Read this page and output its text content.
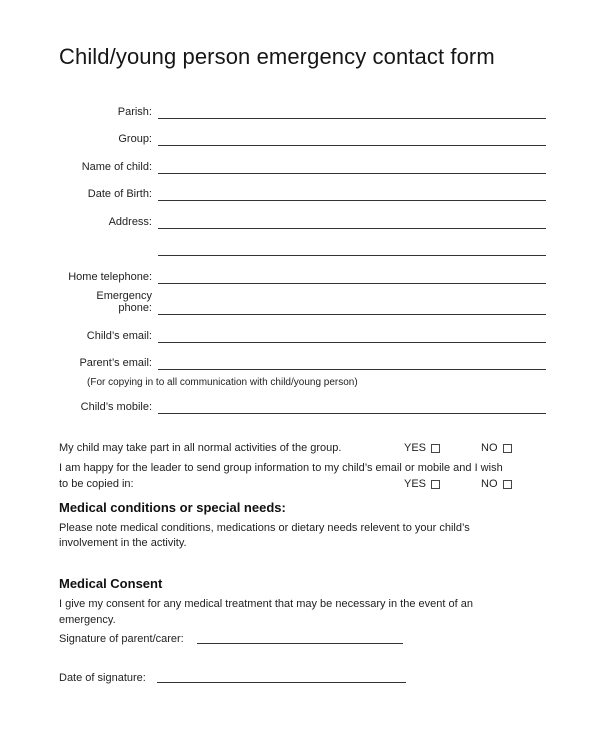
Child/young person emergency contact form
Parish:
Group:
Name of child:
Date of Birth:
Address:
Home telephone:
Emergency
phone:
Child’s email:
Parent’s email:
(For copying in to all communication with child/young person)
Child’s mobile:
My child may take part in all normal activities of the group.	YES	NO
I am happy for the leader to send group information to my child’s email or mobile and I wish
to be copied in:	YES	NO
Medical conditions or special needs:
Please note medical conditions, medications or dietary needs relevent to your child’s
involvement in the activity.
Medical Consent
I give my consent for any medical treatment that may be necessary in the event of an
emergency.
Signature of parent/carer:
Date of signature:
